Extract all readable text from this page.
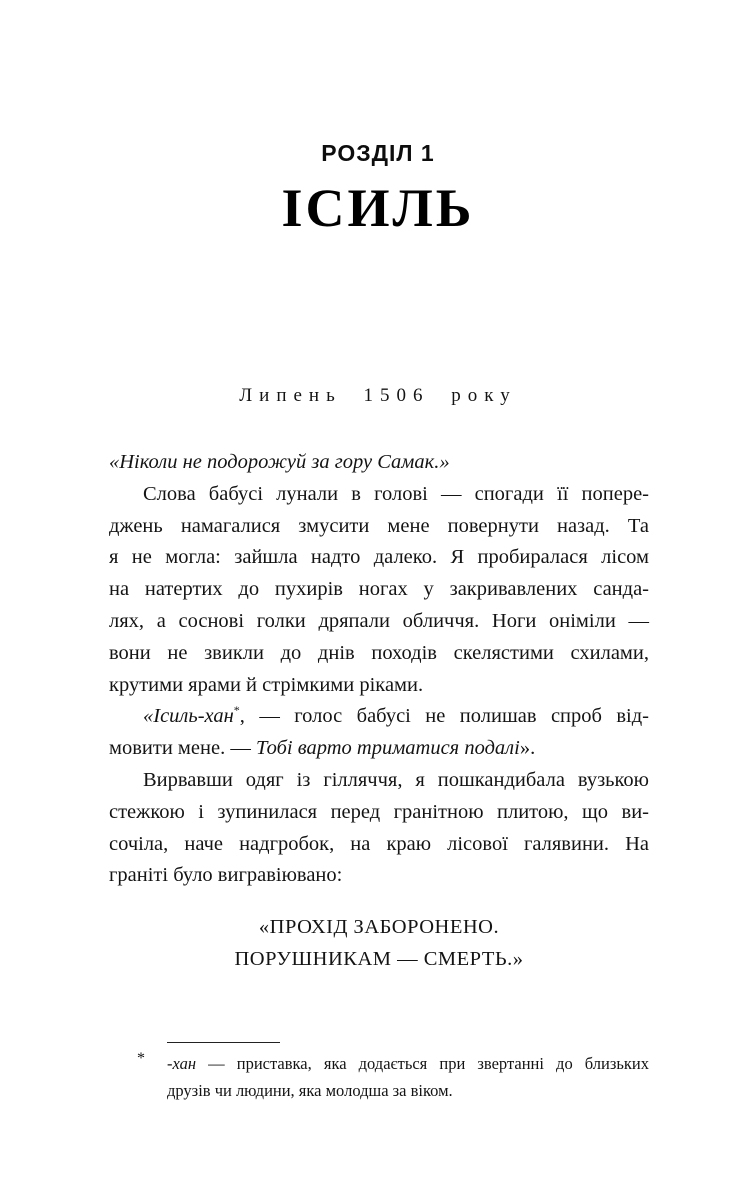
РОЗДІЛ 1
ІСИЛЬ
Липень 1506 року
«Ніколи не подорожуй за гору Самак.»
Слова бабусі лунали в голові — спогади її попере-
джень намагалися змусити мене повернути назад. Та
я не могла: зайшла надто далеко. Я пробиралася лісом
на натертих до пухирів ногах у закривавлених санда-
лях, а соснові голки дряпали обличчя. Ноги оніміли —
вони не звикли до днів походів скелястими схилами,
крутими ярами й стрімкими ріками.
«Ісиль-хан*, — голос бабусі не полишав спроб від-
мовити мене. — Тобі варто триматися подалі».
Вирвавши одяг із гілляччя, я пошкандибала вузькою
стежкою і зупинилася перед гранітною плитою, що ви-
сочіла, наче надгробок, на краю лісової галявини. На
граніті було вигравіювано:
«ПРОХІД ЗАБОРОНЕНО.
ПОРУШНИКАМ — СМЕРТЬ.»
*	-хан — приставка, яка додається при звертанні до близьких
друзів чи людини, яка молодша за віком.
